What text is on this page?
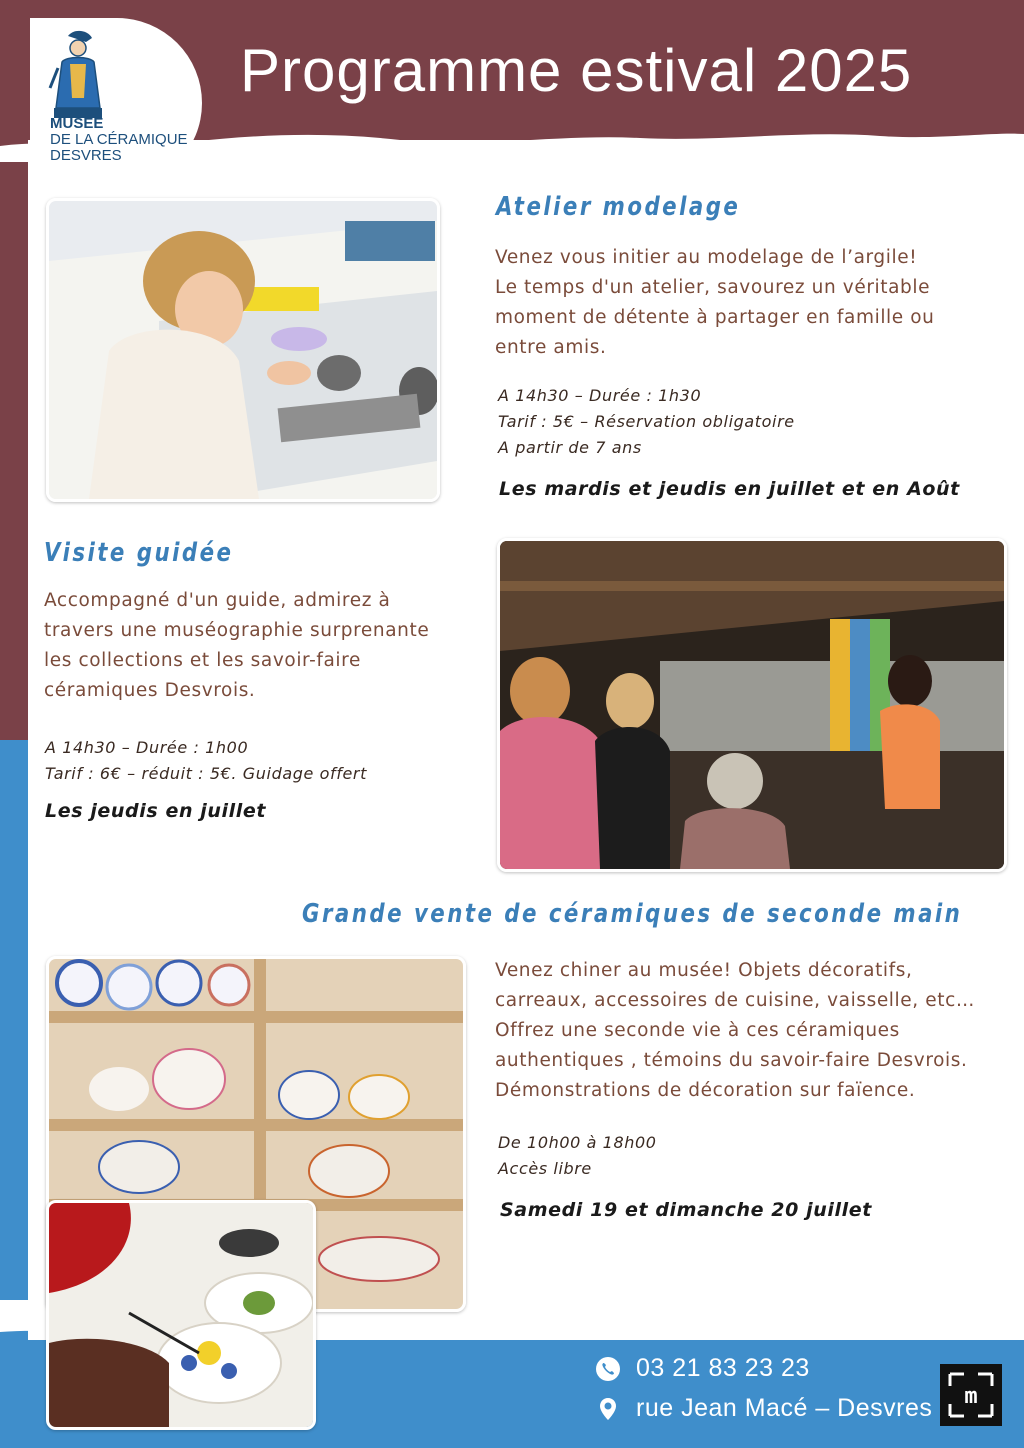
MUSÉE
DE LA CÉRAMIQUE
DESVRES
Programme estival 2025
Atelier modelage
Venez vous initier au modelage de l’argile!
Le temps d'un atelier, savourez un véritable
moment de détente à partager en famille ou
entre amis.
A 14h30 – Durée : 1h30
Tarif : 5€ – Réservation obligatoire
A partir de 7 ans
Les mardis et jeudis en juillet et en Août
Visite guidée
Accompagné d'un guide, admirez à
travers une muséographie surprenante
les collections et les savoir-faire
céramiques Desvrois.
A 14h30 – Durée : 1h00
Tarif : 6€ – réduit : 5€. Guidage offert
Les jeudis en juillet
Grande vente de céramiques de seconde main
Venez chiner au musée! Objets décoratifs,
carreaux, accessoires de cuisine, vaisselle, etc…
Offrez une seconde vie à ces céramiques
authentiques , témoins du savoir-faire Desvrois.
Démonstrations de décoration sur faïence.
De 10h00 à 18h00
Accès libre
Samedi 19 et dimanche 20 juillet
03 21 83 23 23
rue Jean Macé – Desvres m
